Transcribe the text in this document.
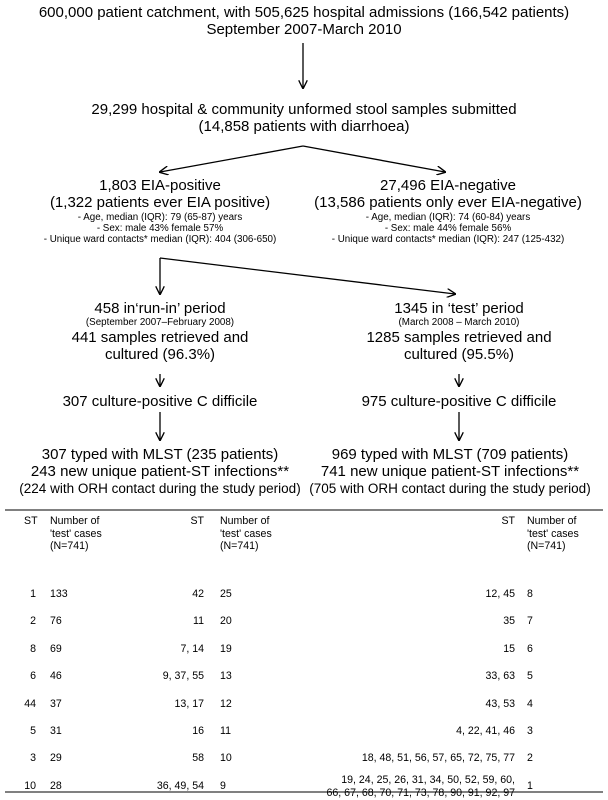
600,000 patient catchment, with 505,625 hospital admissions (166,542 patients)
September 2007-March 2010
29,299 hospital & community unformed stool samples submitted
(14,858 patients with diarrhoea)
1,803 EIA-positive
(1,322 patients ever EIA positive)
- Age, median (IQR): 79 (65-87) years
- Sex: male 43% female 57%
- Unique ward contacts* median (IQR): 404 (306-650)
27,496 EIA-negative
(13,586 patients only ever EIA-negative)
- Age, median (IQR): 74 (60-84) years
- Sex: male 44% female 56%
- Unique ward contacts* median (IQR): 247 (125-432)
458 in‘run-in’ period
(September 2007–February 2008)
441 samples retrieved and
cultured (96.3%)
307 culture-positive C difficile
307 typed with MLST (235 patients)
243 new unique patient-ST infections**
(224 with ORH contact during the study period)
1345 in ‘test’ period
(March 2008 – March 2010)
1285 samples retrieved and
cultured (95.5%)
975 culture-positive C difficile
969 typed with MLST (709 patients)
741 new unique patient-ST infections**
(705 with ORH contact during the study period)
ST Number of
'test' cases
(N=741)
ST Number of
'test' cases
(N=741)
ST Number of
'test' cases
(N=741)
1 133
2 76
8 69
6 46
44 37
5 31
3 29
10 28
42 25
11 20
7, 14 19
9, 37, 55 13
13, 17 12
16 11
58 10
36, 49, 54 9
12, 45 8
35 7
15 6
33, 63 5
43, 53 4
4, 22, 41, 46 3
18, 48, 51, 56, 57, 65, 72, 75, 77 2
19, 24, 25, 26, 31, 34, 50, 52, 59, 60,
66, 67, 68, 70, 71, 73, 78, 90, 91, 92, 97
1
